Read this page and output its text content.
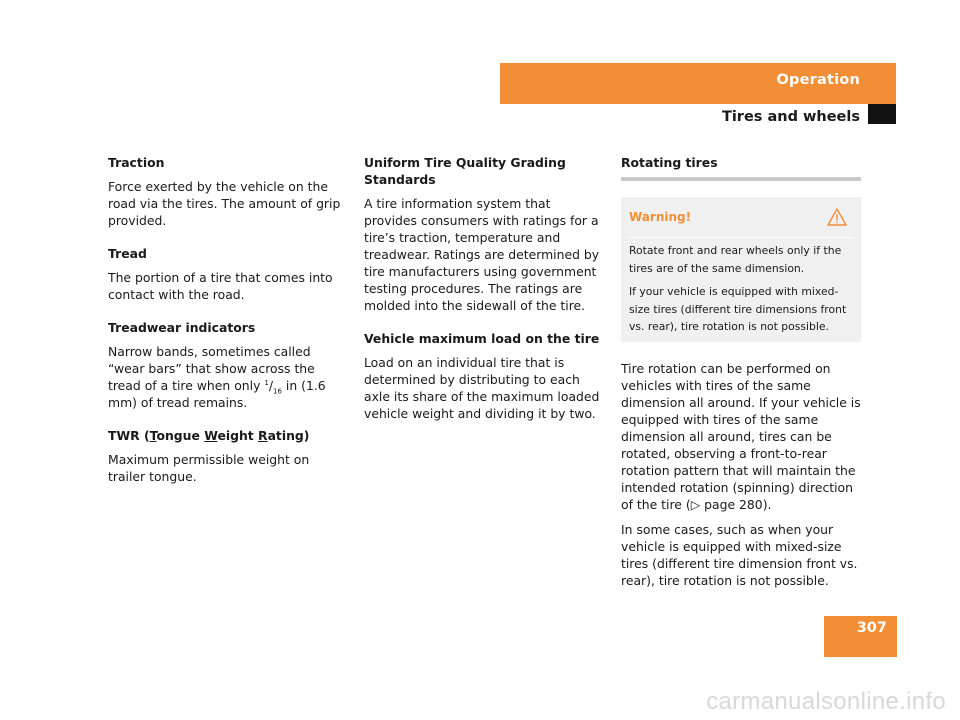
Operation
Tires and wheels

Traction

Force exerted by the vehicle on the road via the tires. The amount of grip provided.

Tread

The portion of a tire that comes into contact with the road.

Treadwear indicators

Narrow bands, sometimes called “wear bars” that show across the tread of a tire when only $^1/_{16}$ in (1.6 mm) of tread remains.

TWR (Tongue Weight Rating)

Maximum permissible weight on trailer tongue.

Uniform Tire Quality Grading Standards

A tire information system that provides consumers with ratings for a tire’s traction, temperature and treadwear. Ratings are determined by tire manufacturers using government testing procedures. The ratings are molded into the sidewall of the tire.

Vehicle maximum load on the tire

Load on an individual tire that is determined by distributing to each axle its share of the maximum loaded vehicle weight and dividing it by two.

Rotating tires

Warning!

Rotate front and rear wheels only if the tires are of the same dimension.

If your vehicle is equipped with mixed-size tires (different tire dimensions front vs. rear), tire rotation is not possible.

Tire rotation can be performed on vehicles with tires of the same dimension all around. If your vehicle is equipped with tires of the same dimension all around, tires can be rotated, observing a front-to-rear rotation pattern that will maintain the intended rotation (spinning) direction of the tire (▷ page 280).

In some cases, such as when your vehicle is equipped with mixed-size tires (different tire dimension front vs. rear), tire rotation is not possible.

307
carmanualsonline.info
